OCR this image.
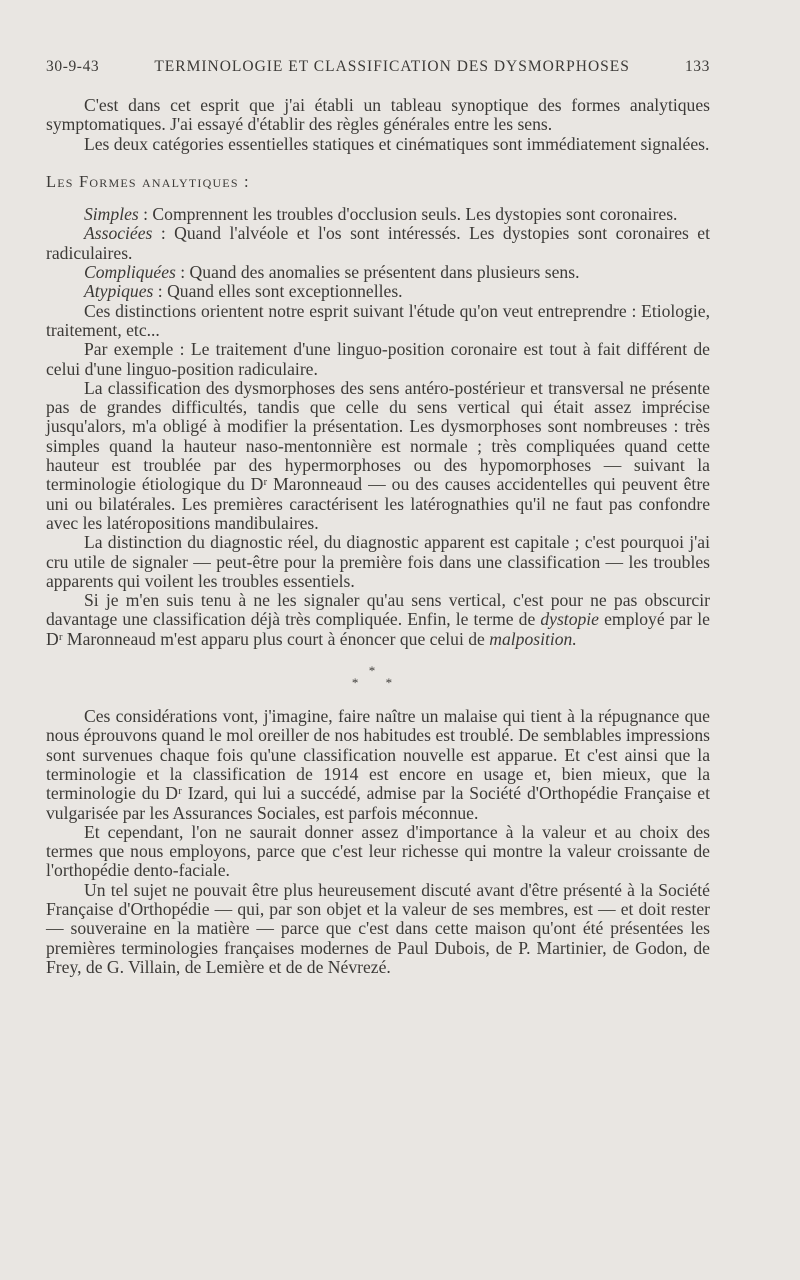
30-9-43	TERMINOLOGIE ET CLASSIFICATION DES DYSMORPHOSES	133

C'est dans cet esprit que j'ai établi un tableau synoptique des formes analytiques symptomatiques. J'ai essayé d'établir des règles générales entre les sens.

Les deux catégories essentielles statiques et cinématiques sont immédiatement signalées.

Les Formes analytiques :

Simples : Comprennent les troubles d'occlusion seuls. Les dystopies sont coronaires.

Associées : Quand l'alvéole et l'os sont intéressés. Les dystopies sont coronaires et radiculaires.

Compliquées : Quand des anomalies se présentent dans plusieurs sens.

Atypiques : Quand elles sont exceptionnelles.

Ces distinctions orientent notre esprit suivant l'étude qu'on veut entreprendre : Etiologie, traitement, etc...

Par exemple : Le traitement d'une linguo-position coronaire est tout à fait différent de celui d'une linguo-position radiculaire.

La classification des dysmorphoses des sens antéro-postérieur et transversal ne présente pas de grandes difficultés, tandis que celle du sens vertical qui était assez imprécise jusqu'alors, m'a obligé à modifier la présentation. Les dysmorphoses sont nombreuses : très simples quand la hauteur naso-mentonnière est normale ; très compliquées quand cette hauteur est troublée par des hypermorphoses ou des hypomorphoses — suivant la terminologie étiologique du Dʳ Maronneaud — ou des causes accidentelles qui peuvent être uni ou bilatérales. Les premières caractérisent les latérognathies qu'il ne faut pas confondre avec les latéropositions mandibulaires.

La distinction du diagnostic réel, du diagnostic apparent est capitale ; c'est pourquoi j'ai cru utile de signaler — peut-être pour la première fois dans une classification — les troubles apparents qui voilent les troubles essentiels.

Si je m'en suis tenu à ne les signaler qu'au sens vertical, c'est pour ne pas obscurcir davantage une classification déjà très compliquée. Enfin, le terme de dystopie employé par le Dʳ Maronneaud m'est apparu plus court à énoncer que celui de malposition.

*
* *

Ces considérations vont, j'imagine, faire naître un malaise qui tient à la répugnance que nous éprouvons quand le mol oreiller de nos habitudes est troublé. De semblables impressions sont survenues chaque fois qu'une classification nouvelle est apparue. Et c'est ainsi que la terminologie et la classification de 1914 est encore en usage et, bien mieux, que la terminologie du Dʳ Izard, qui lui a succédé, admise par la Société d'Orthopédie Française et vulgarisée par les Assurances Sociales, est parfois méconnue.

Et cependant, l'on ne saurait donner assez d'importance à la valeur et au choix des termes que nous employons, parce que c'est leur richesse qui montre la valeur croissante de l'orthopédie dento-faciale.

Un tel sujet ne pouvait être plus heureusement discuté avant d'être présenté à la Société Française d'Orthopédie — qui, par son objet et la valeur de ses membres, est — et doit rester — souveraine en la matière — parce que c'est dans cette maison qu'ont été présentées les premières terminologies françaises modernes de Paul Dubois, de P. Martinier, de Godon, de Frey, de G. Villain, de Lemière et de de Névrezé.
